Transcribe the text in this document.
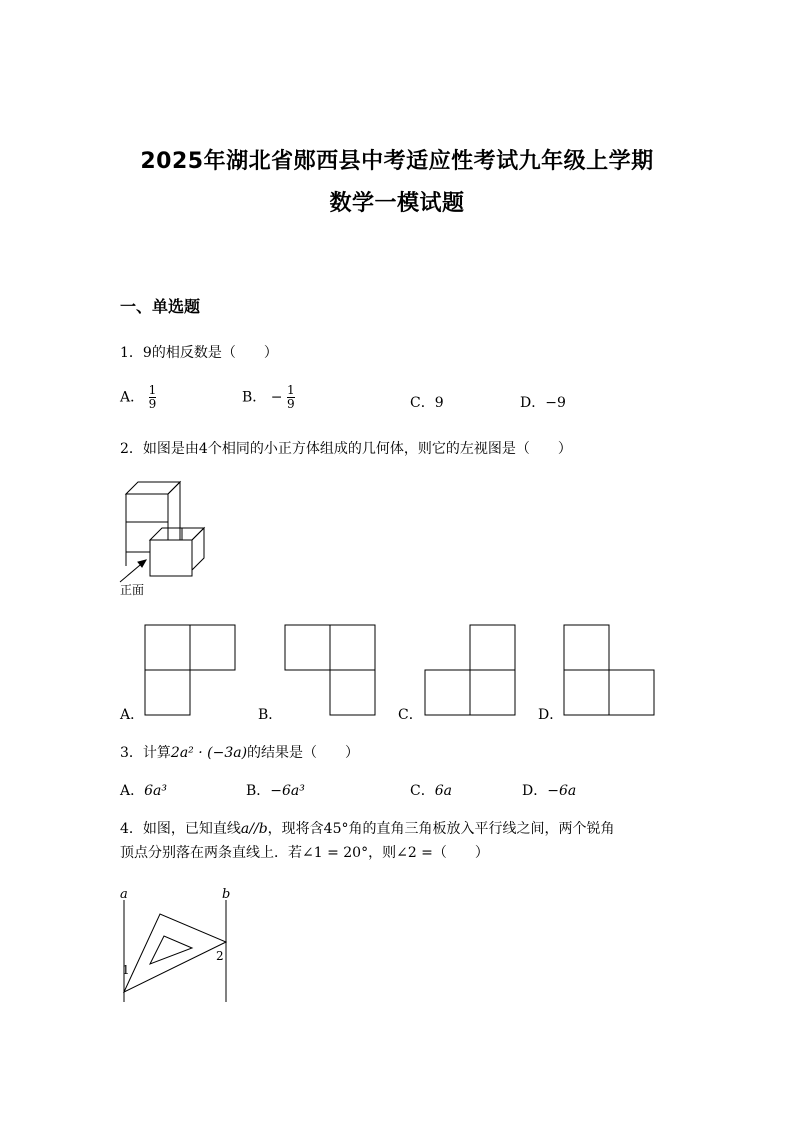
2025年湖北省郧西县中考适应性考试九年级上学期
数学一模试题
一、单选题
1．9的相反数是（　　）
A． $\frac{1}{9}$	B． − $\frac{1}{9}$	C．9	D．−9
2．如图是由4个相同的小正方体组成的几何体，则它的左视图是（　　）
正面
A．	B．	C．	D．
3．计算2a² · (−3a)的结果是（　　）
A．6a³	B．−6a³	C．6a	D．−6a
4．如图，已知直线a//b，现将含45°角的直角三角板放入平行线之间，两个锐角
顶点分别落在两条直线上．若∠1 = 20°，则∠2 =（　　）
a	b
1
2
